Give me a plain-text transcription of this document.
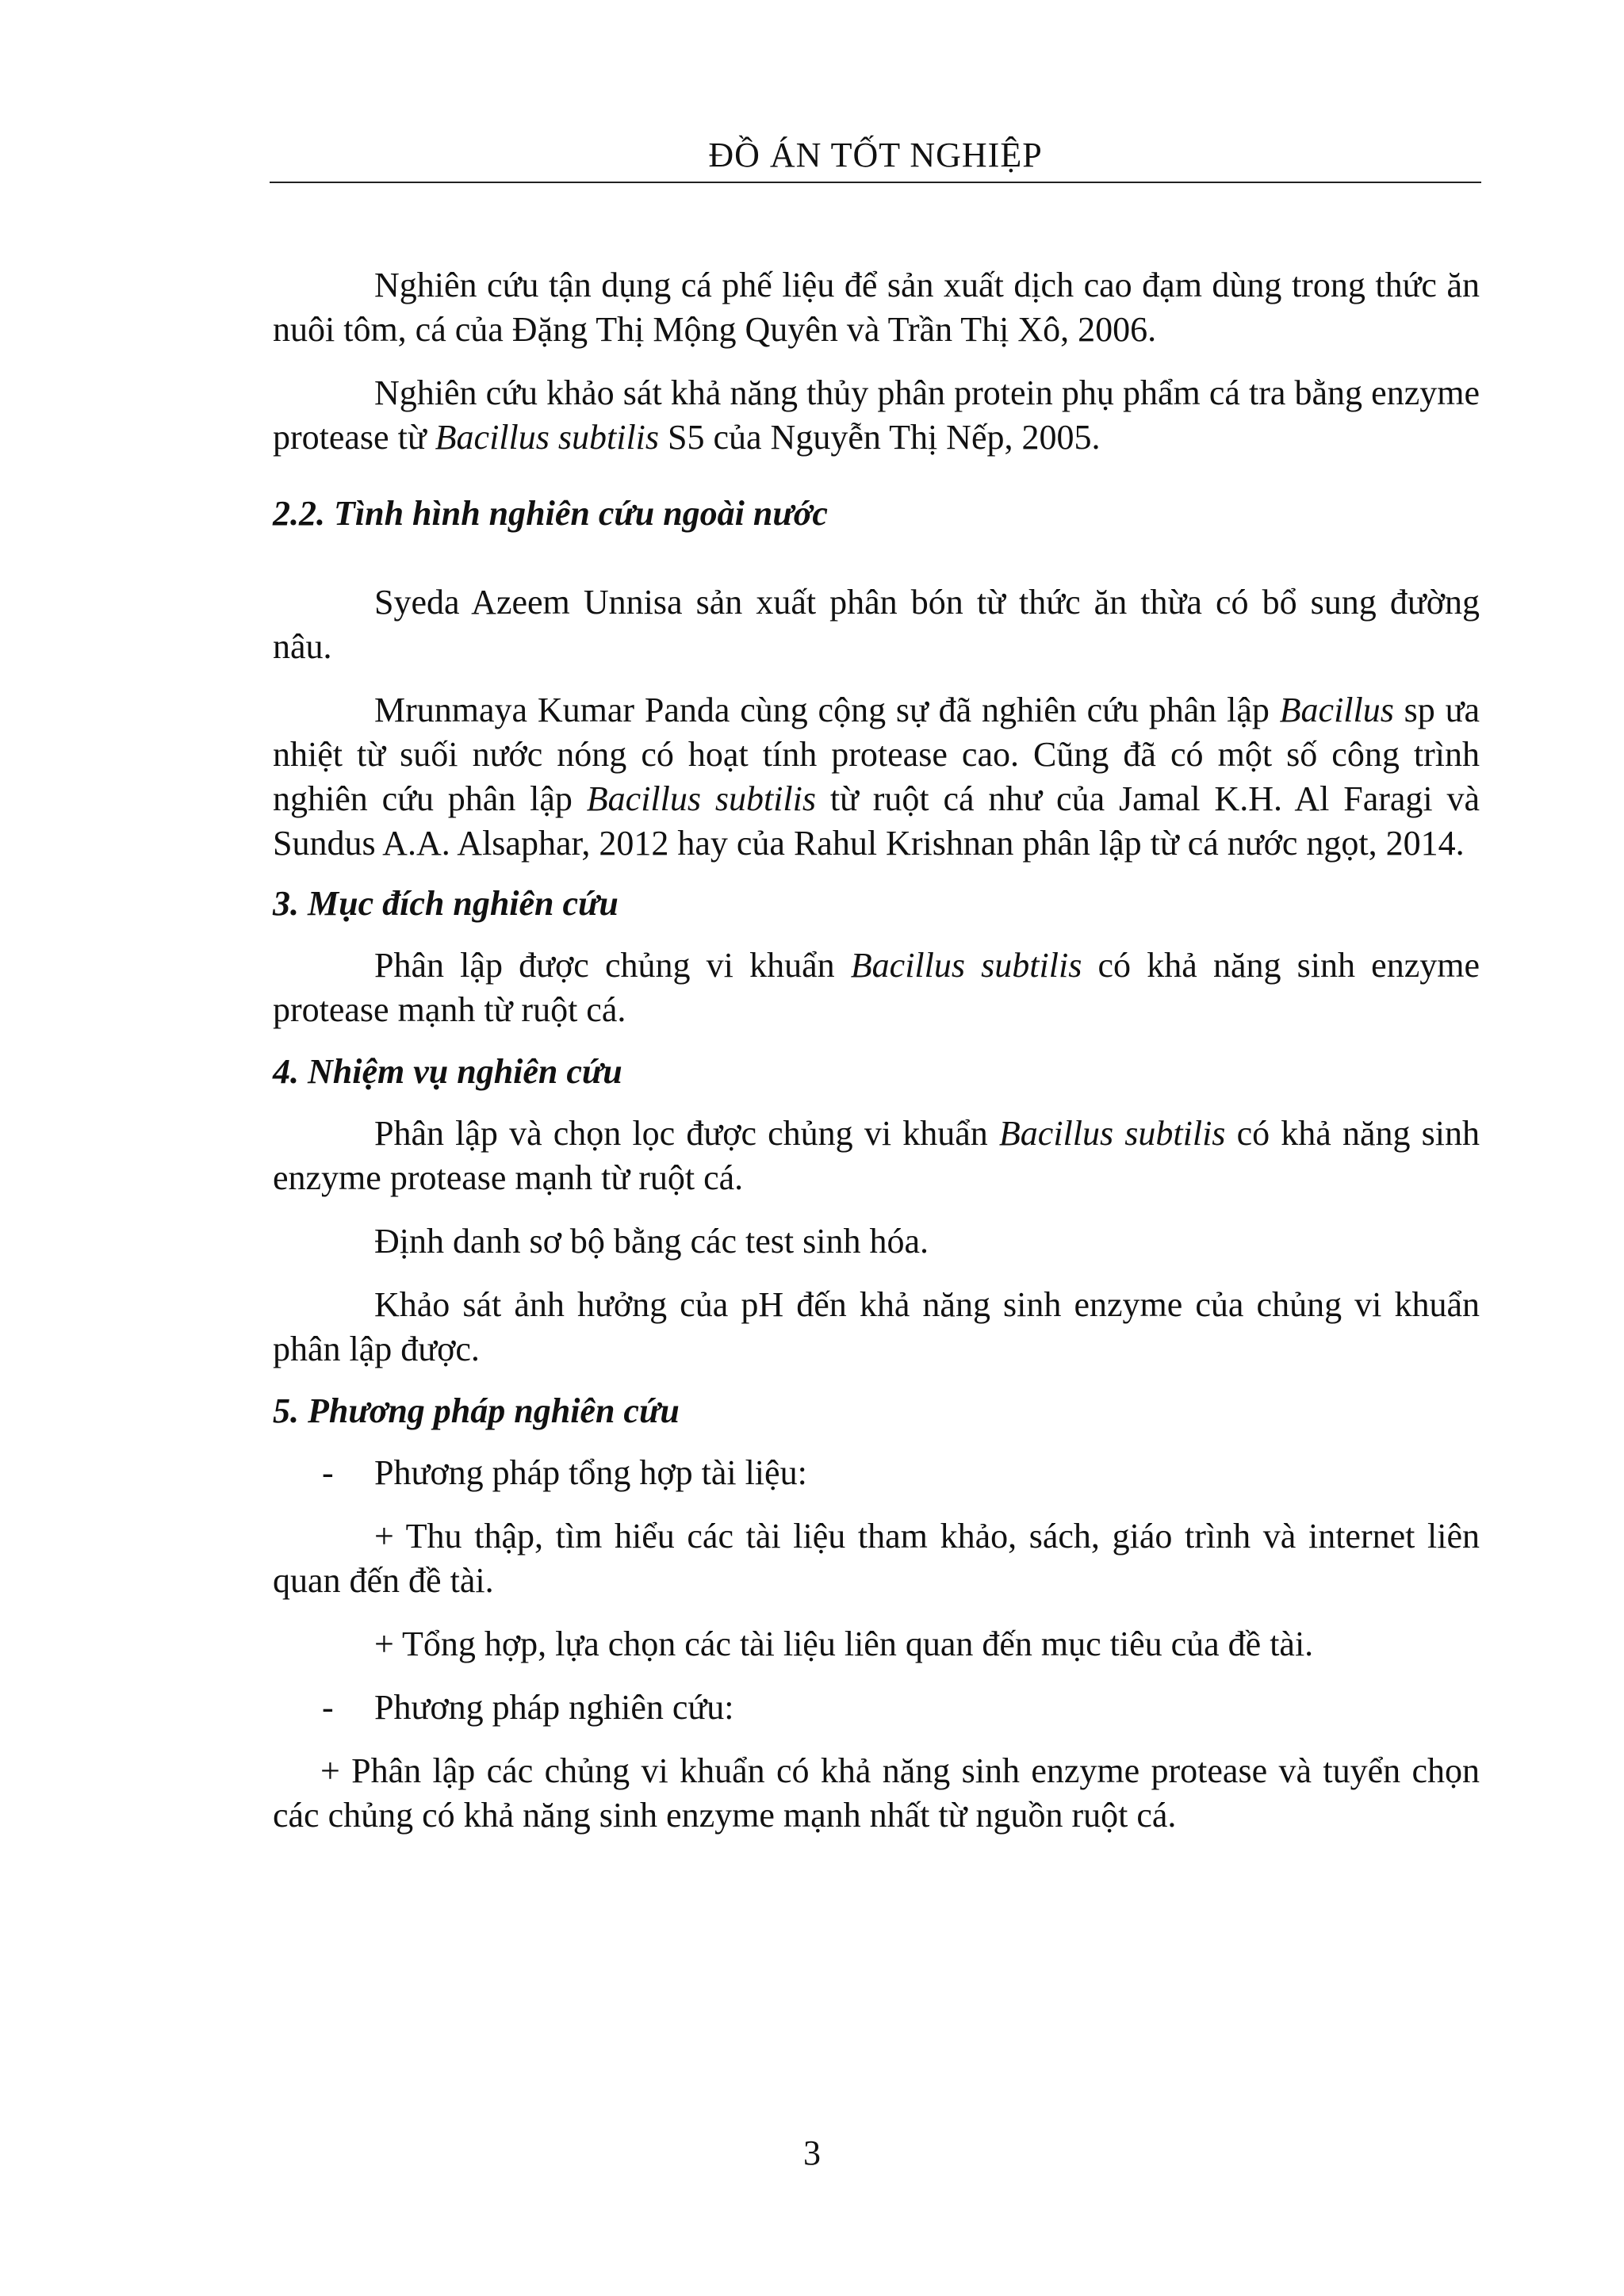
ĐỒ ÁN TỐT NGHIỆP

Nghiên cứu tận dụng cá phế liệu để sản xuất dịch cao đạm dùng trong thức ăn nuôi tôm, cá của Đặng Thị Mộng Quyên và Trần Thị Xô, 2006.

Nghiên cứu khảo sát khả năng thủy phân protein phụ phẩm cá tra bằng enzyme protease từ Bacillus subtilis S5 của Nguyễn Thị Nếp, 2005.

2.2. Tình hình nghiên cứu ngoài nước

Syeda Azeem Unnisa sản xuất phân bón từ thức ăn thừa có bổ sung đường nâu.

Mrunmaya Kumar Panda cùng cộng sự đã nghiên cứu phân lập Bacillus sp ưa nhiệt từ suối nước nóng có hoạt tính protease cao. Cũng đã có một số công trình nghiên cứu phân lập Bacillus subtilis từ ruột cá như của Jamal K.H. Al Faragi và Sundus A.A. Alsaphar, 2012 hay của Rahul Krishnan phân lập từ cá nước ngọt, 2014.

3. Mục đích nghiên cứu

Phân lập được chủng vi khuẩn Bacillus subtilis có khả năng sinh enzyme protease mạnh từ ruột cá.

4. Nhiệm vụ nghiên cứu

Phân lập và chọn lọc được chủng vi khuẩn Bacillus subtilis có khả năng sinh enzyme protease mạnh từ ruột cá.

Định danh sơ bộ bằng các test sinh hóa.

Khảo sát ảnh hưởng của pH đến khả năng sinh enzyme của chủng vi khuẩn phân lập được.

5. Phương pháp nghiên cứu

- Phương pháp tổng hợp tài liệu:

+ Thu thập, tìm hiểu các tài liệu tham khảo, sách, giáo trình và internet liên quan đến đề tài.

+ Tổng hợp, lựa chọn các tài liệu liên quan đến mục tiêu của đề tài.

- Phương pháp nghiên cứu:

+ Phân lập các chủng vi khuẩn có khả năng sinh enzyme protease và tuyển chọn các chủng có khả năng sinh enzyme mạnh nhất từ nguồn ruột cá.

3
